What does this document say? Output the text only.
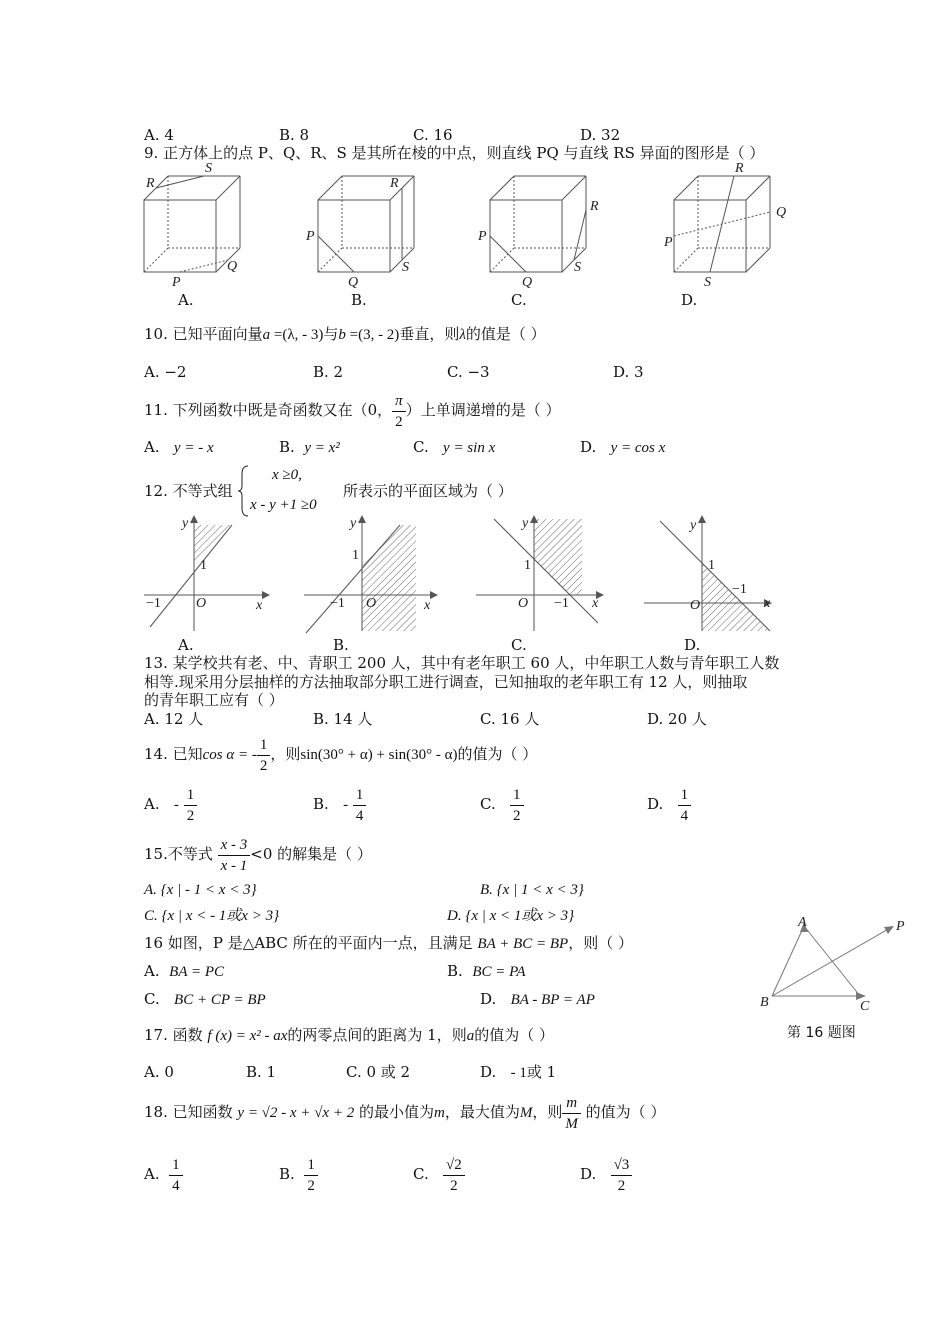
A. 4	B. 8	C. 16	D. 32
9. 正方体上的点 P、Q、R、S 是其所在棱的中点，则直线 PQ 与直线 RS 异面的图形是（ ）
R
S
P
Q
A.
P
R
Q
S
B.
P
R
Q
S
C.
P
R
Q
S
D.
10. 已知平面向量a =(λ, - 3)与b =(3, - 2)垂直，则λ的值是（ ）
A. −2	B. 2	C. −3	D. 3
11. 下列函数中既是奇函数又在（0， $\frac{\pi}{2}$ ）上单调递增的是（ ）
A. y = - x	B. y = x²	C. y = sin x	D. y = cos x
12. 不等式组
x ≥0,
x - y +1 ≥0
所表示的平面区域为（ ）
y
x
O
1
−1
A.
y
x
O
1
−1
B.
y
x
O
1
−1
C.
y
x
O
1
−1
D.
13. 某学校共有老、中、青职工 200 人，其中有老年职工 60 人，中年职工人数与青年职工人数
相等.现采用分层抽样的方法抽取部分职工进行调查，已知抽取的老年职工有 12 人，则抽取
的青年职工应有（ ）
A. 12 人	B. 14 人	C. 16 人	D. 20 人
14. 已知cos α = - $\frac{1}{2}$ ，则sin(30° + α) + sin(30° - α)的值为（ ）
A. - $\frac{1}{2}$	B. - $\frac{1}{4}$	C. $\frac{1}{2}$	D. $\frac{1}{4}$
15.不等式 $\frac{x - 3}{x - 1} <0$ 的解集是（ ）
A. {x | - 1 < x < 3}	B. {x | 1 < x < 3}
C. {x | x < - 1或x > 3}	D. {x | x < 1或x > 3}
16 如图，P 是△ABC 所在的平面内一点，且满足 BA + BC = BP，则（ ）
A. BA = PC	B. BC = PA
C. BC + CP = BP	D. BA - BP = AP
A
B	C
P
第 16 题图
17. 函数 f (x) = x² - ax的两零点间的距离为 1，则a的值为（ ）
A. 0	B. 1	C. 0 或 2	D. - 1或 1
18. 已知函数 y = √2 - x + √x + 2 的最小值为m，最大值为M，则 $\frac{m}{M}$ 的值为（ ）
A. $\frac{1}{4}$	B. $\frac{1}{2}$	C. $\frac{√2}{2}$	D. $\frac{√3}{2}$
